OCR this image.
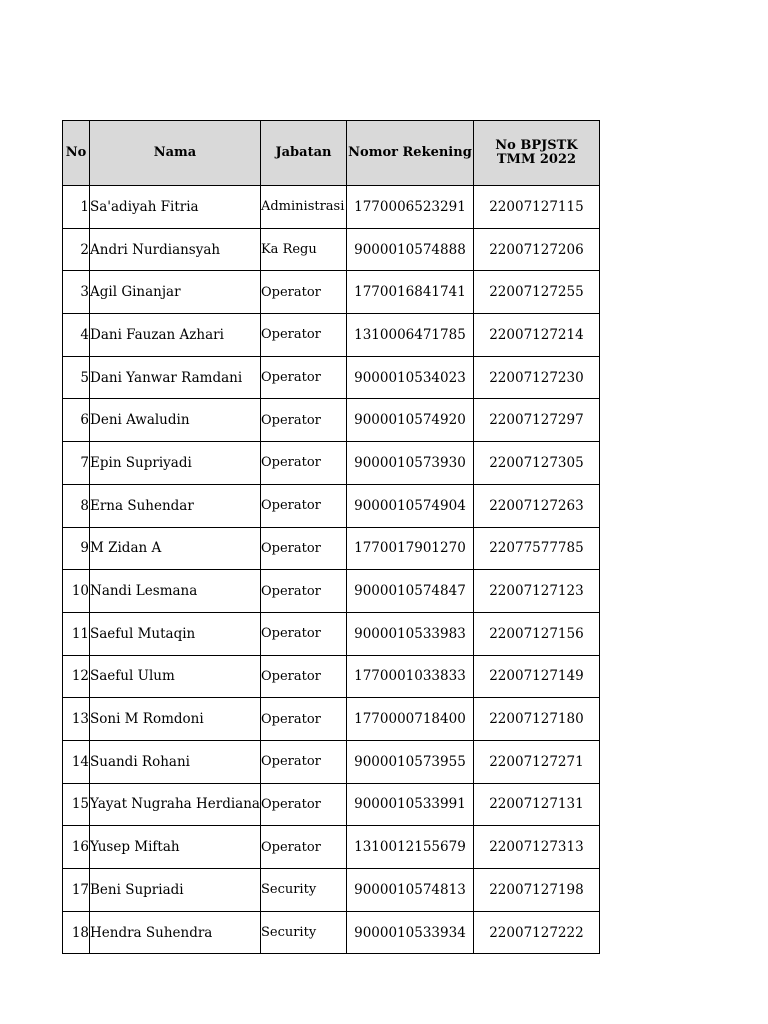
No	Nama	Jabatan	Nomor Rekening	No BPJSTK TMM 2022
1	Sa'adiyah Fitria	Administrasi	1770006523291	22007127115
2	Andri Nurdiansyah	Ka Regu	9000010574888	22007127206
3	Agil Ginanjar	Operator	1770016841741	22007127255
4	Dani Fauzan Azhari	Operator	1310006471785	22007127214
5	Dani Yanwar Ramdani	Operator	9000010534023	22007127230
6	Deni Awaludin	Operator	9000010574920	22007127297
7	Epin Supriyadi	Operator	9000010573930	22007127305
8	Erna Suhendar	Operator	9000010574904	22007127263
9	M Zidan A	Operator	1770017901270	22077577785
10	Nandi Lesmana	Operator	9000010574847	22007127123
11	Saeful Mutaqin	Operator	9000010533983	22007127156
12	Saeful Ulum	Operator	1770001033833	22007127149
13	Soni M Romdoni	Operator	1770000718400	22007127180
14	Suandi Rohani	Operator	9000010573955	22007127271
15	Yayat Nugraha Herdiana	Operator	9000010533991	22007127131
16	Yusep Miftah	Operator	1310012155679	22007127313
17	Beni Supriadi	Security	9000010574813	22007127198
18	Hendra Suhendra	Security	9000010533934	22007127222
